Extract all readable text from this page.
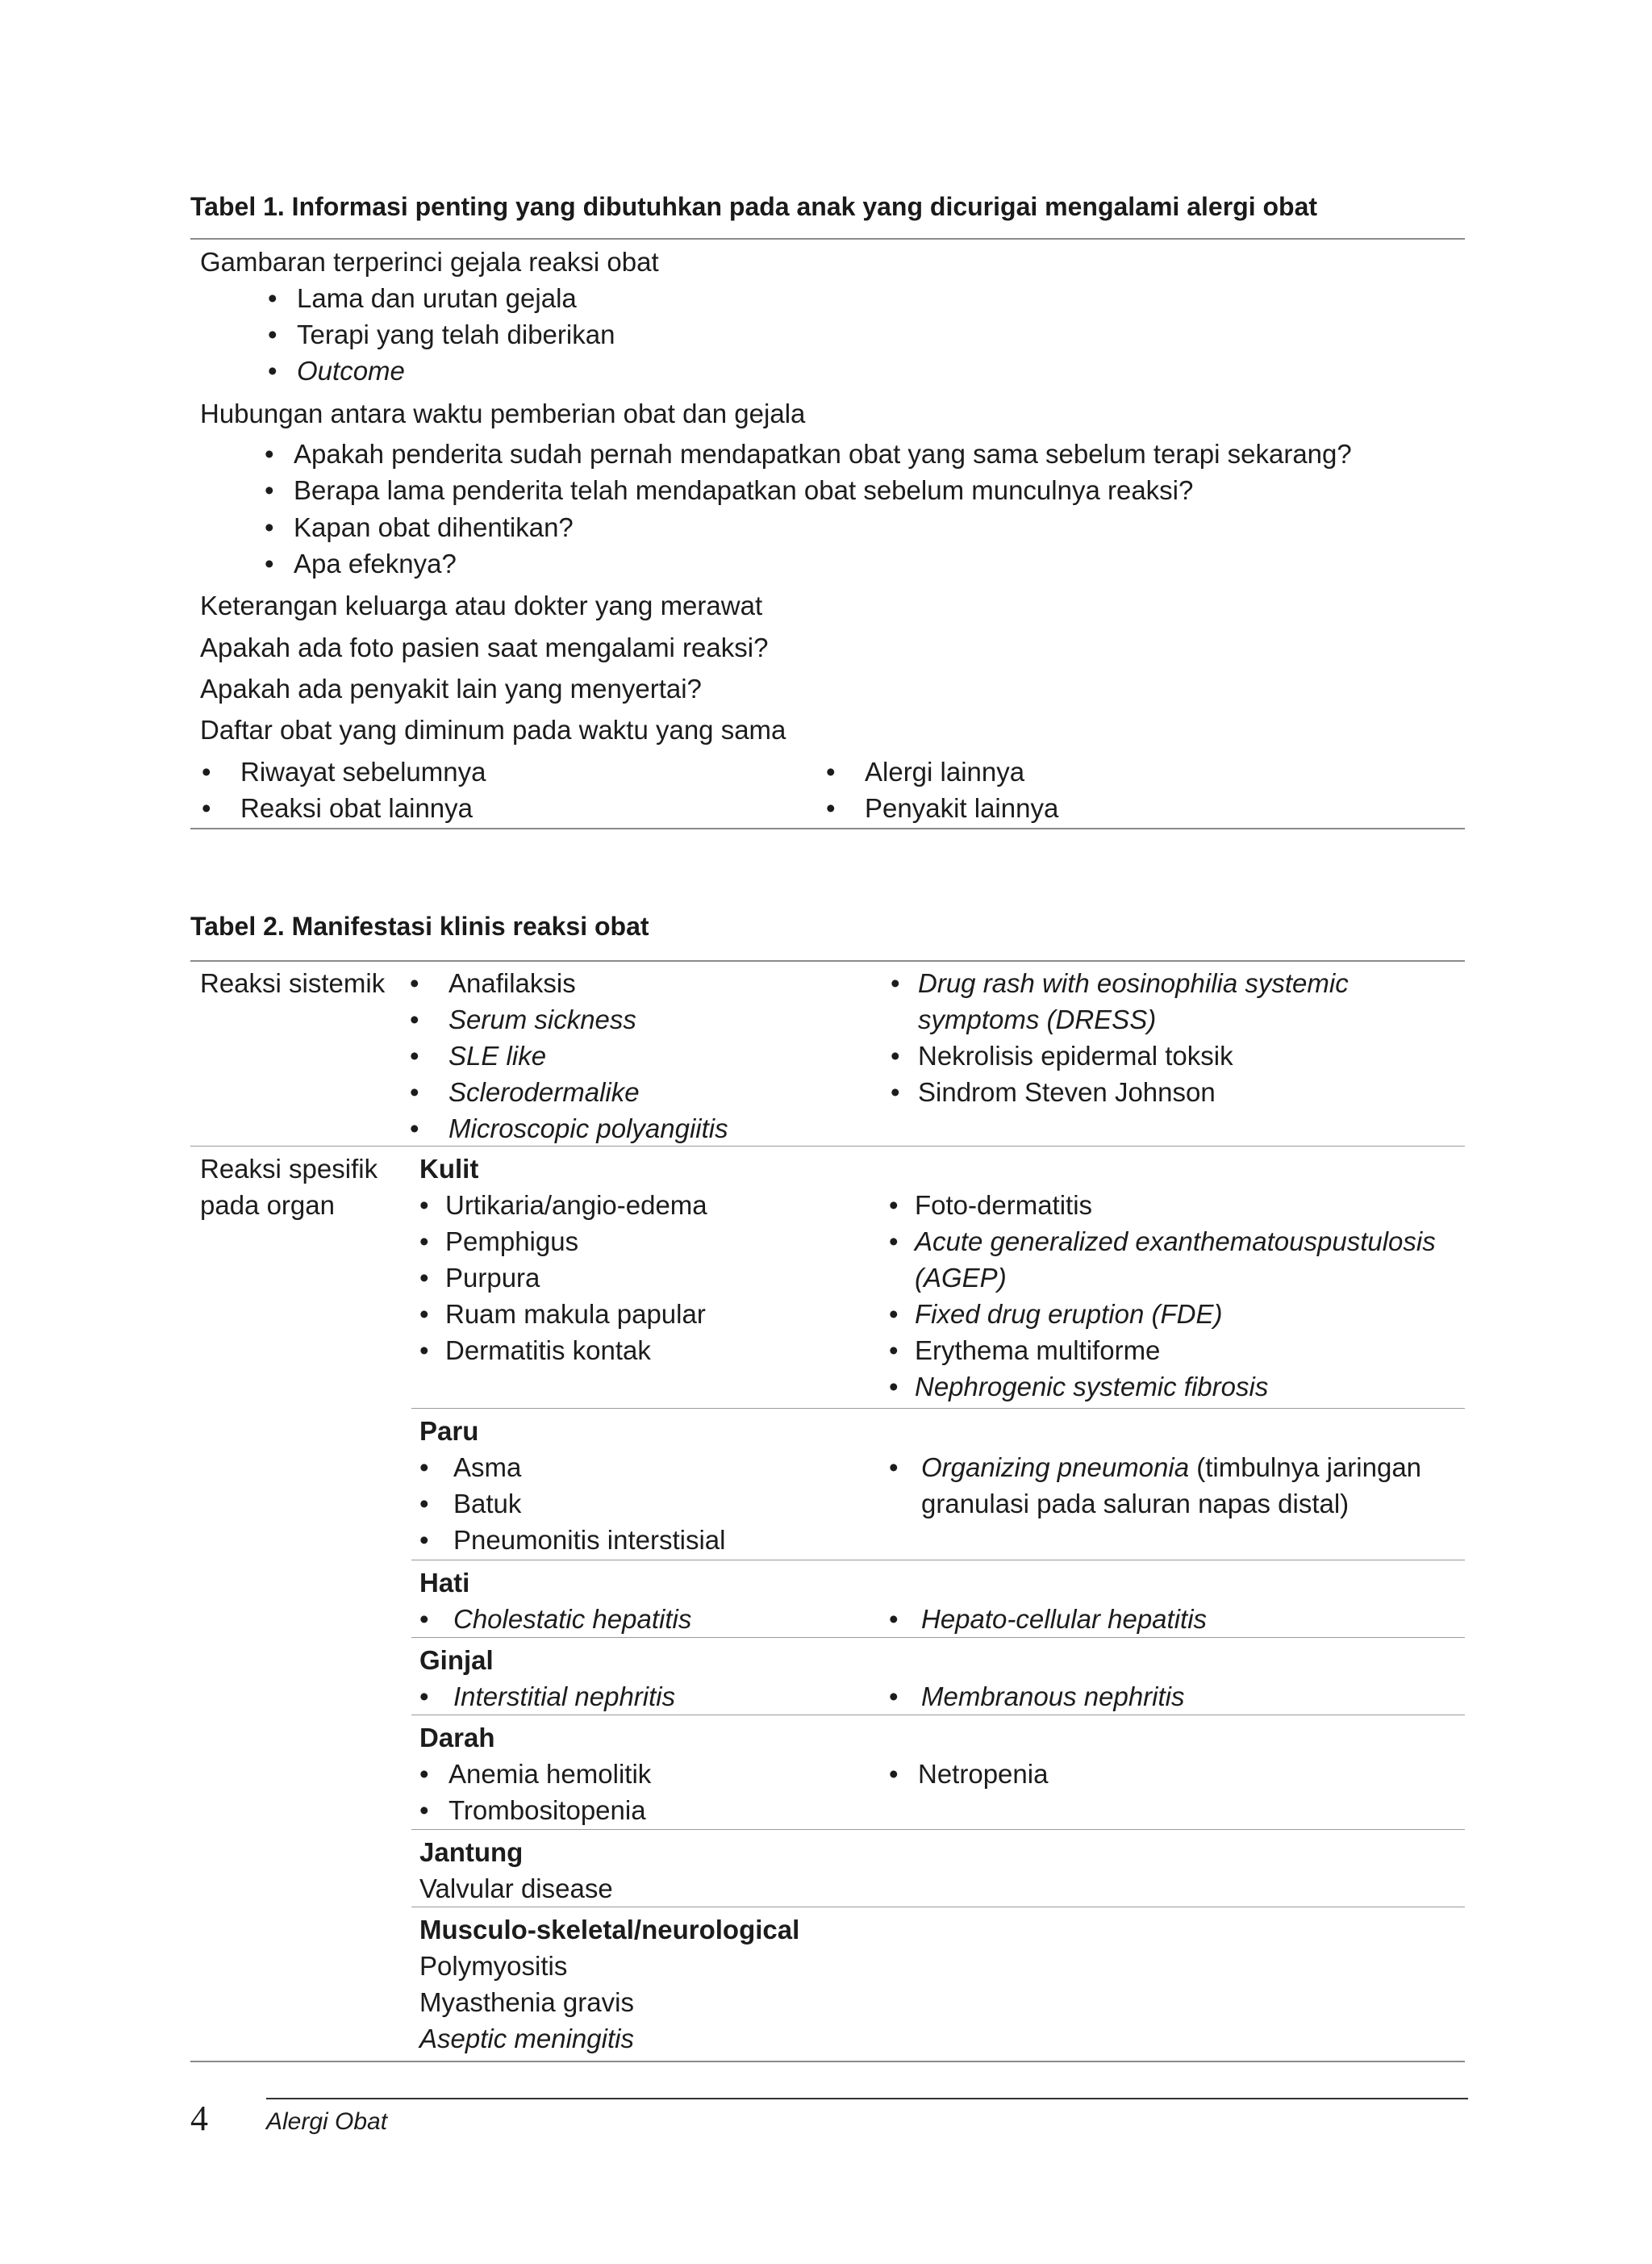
Tabel 1. Informasi penting yang dibutuhkan pada anak yang dicurigai mengalami alergi obat
Gambaran terperinci gejala reaksi obat
• Lama dan urutan gejala
• Terapi yang telah diberikan
• Outcome
Hubungan antara waktu pemberian obat dan gejala
• Apakah penderita sudah pernah mendapatkan obat yang sama sebelum terapi sekarang?
• Berapa lama penderita telah mendapatkan obat sebelum munculnya reaksi?
• Kapan obat dihentikan?
• Apa efeknya?
Keterangan keluarga atau dokter yang merawat
Apakah ada foto pasien saat mengalami reaksi?
Apakah ada penyakit lain yang menyertai?
Daftar obat yang diminum pada waktu yang sama
• Riwayat sebelumnya
• Reaksi obat lainnya
• Alergi lainnya
• Penyakit lainnya
Tabel 2. Manifestasi klinis reaksi obat
Reaksi sistemik • Anafilaksis
• Serum sickness
• SLE like
• Sclerodermalike
• Microscopic polyangiitis
• Drug rash with eosinophilia systemic
symptoms (DRESS)
• Nekrolisis epidermal toksik
• Sindrom Steven Johnson
Reaksi spesifik
pada organ
Kulit
• Urtikaria/angio-edema
• Pemphigus
• Purpura
• Ruam makula papular
• Dermatitis kontak
• Foto-dermatitis
• Acute generalized exanthematouspustulosis
(AGEP)
• Fixed drug eruption (FDE)
• Erythema multiforme
• Nephrogenic systemic fibrosis
Paru
• Asma
• Batuk
• Pneumonitis interstisial
• Organizing pneumonia (timbulnya jaringan
granulasi pada saluran napas distal)
Hati
• Cholestatic hepatitis	• Hepato-cellular hepatitis
Ginjal
• Interstitial nephritis	• Membranous nephritis
Darah
• Anemia hemolitik
• Trombositopenia
• Netropenia
Jantung
Valvular disease
Musculo-skeletal/neurological
Polymyositis
Myasthenia gravis
Aseptic meningitis
4 Alergi Obat
